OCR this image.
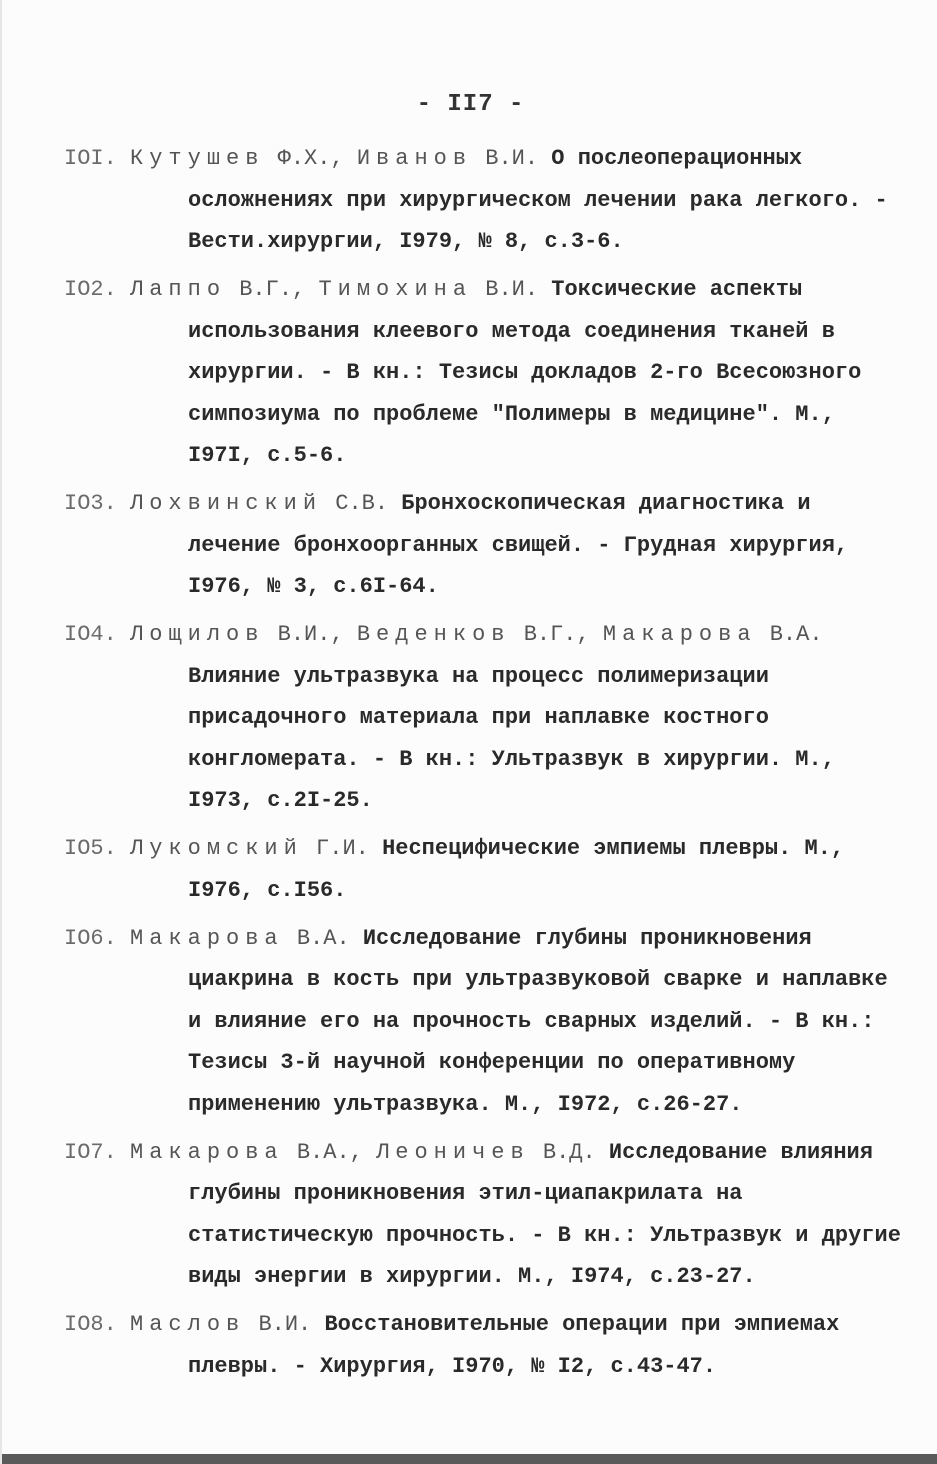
- II7 -
IOI. Кутушев Ф.Х., Иванов В.И. О послеоперационных осложнениях при хирургическом лечении рака легкого. - Вести.хирургии, I979, № 8, с.3-6.
IO2. Лаппо В.Г., Тимохина В.И. Токсические аспекты использования клеевого метода соединения тканей в хирургии. - В кн.: Тезисы докладов 2-го Всесоюзного симпозиума по проблеме "Полимеры в медицине". М., I97I, с.5-6.
IO3. Лохвинский С.В. Бронхоскопическая диагностика и лечение бронхоорганных свищей. - Грудная хирургия, I976, № 3, с.6I-64.
IO4. Лощилов В.И., Веденков В.Г., Макарова В.А. Влияние ультразвука на процесс полимеризации присадочного материала при наплавке костного конгломерата. - В кн.: Ультразвук в хирургии. М., I973, с.2I-25.
IO5. Лукомский Г.И. Неспецифические эмпиемы плевры. М., I976, с.I56.
IO6. Макарова В.А. Исследование глубины проникновения циакрина в кость при ультразвуковой сварке и наплавке и влияние его на прочность сварных изделий. - В кн.: Тезисы 3-й научной конференции по оперативному применению ультразвука. М., I972, с.26-27.
IO7. Макарова В.А., Леоничев В.Д. Исследование влияния глубины проникновения этил-циапакрилата на статистическую прочность. - В кн.: Ультразвук и другие виды энергии в хирургии. М., I974, с.23-27.
IO8. Маслов В.И. Восстановительные операции при эмпиемах плевры. - Хирургия, I970, № I2, с.43-47.
